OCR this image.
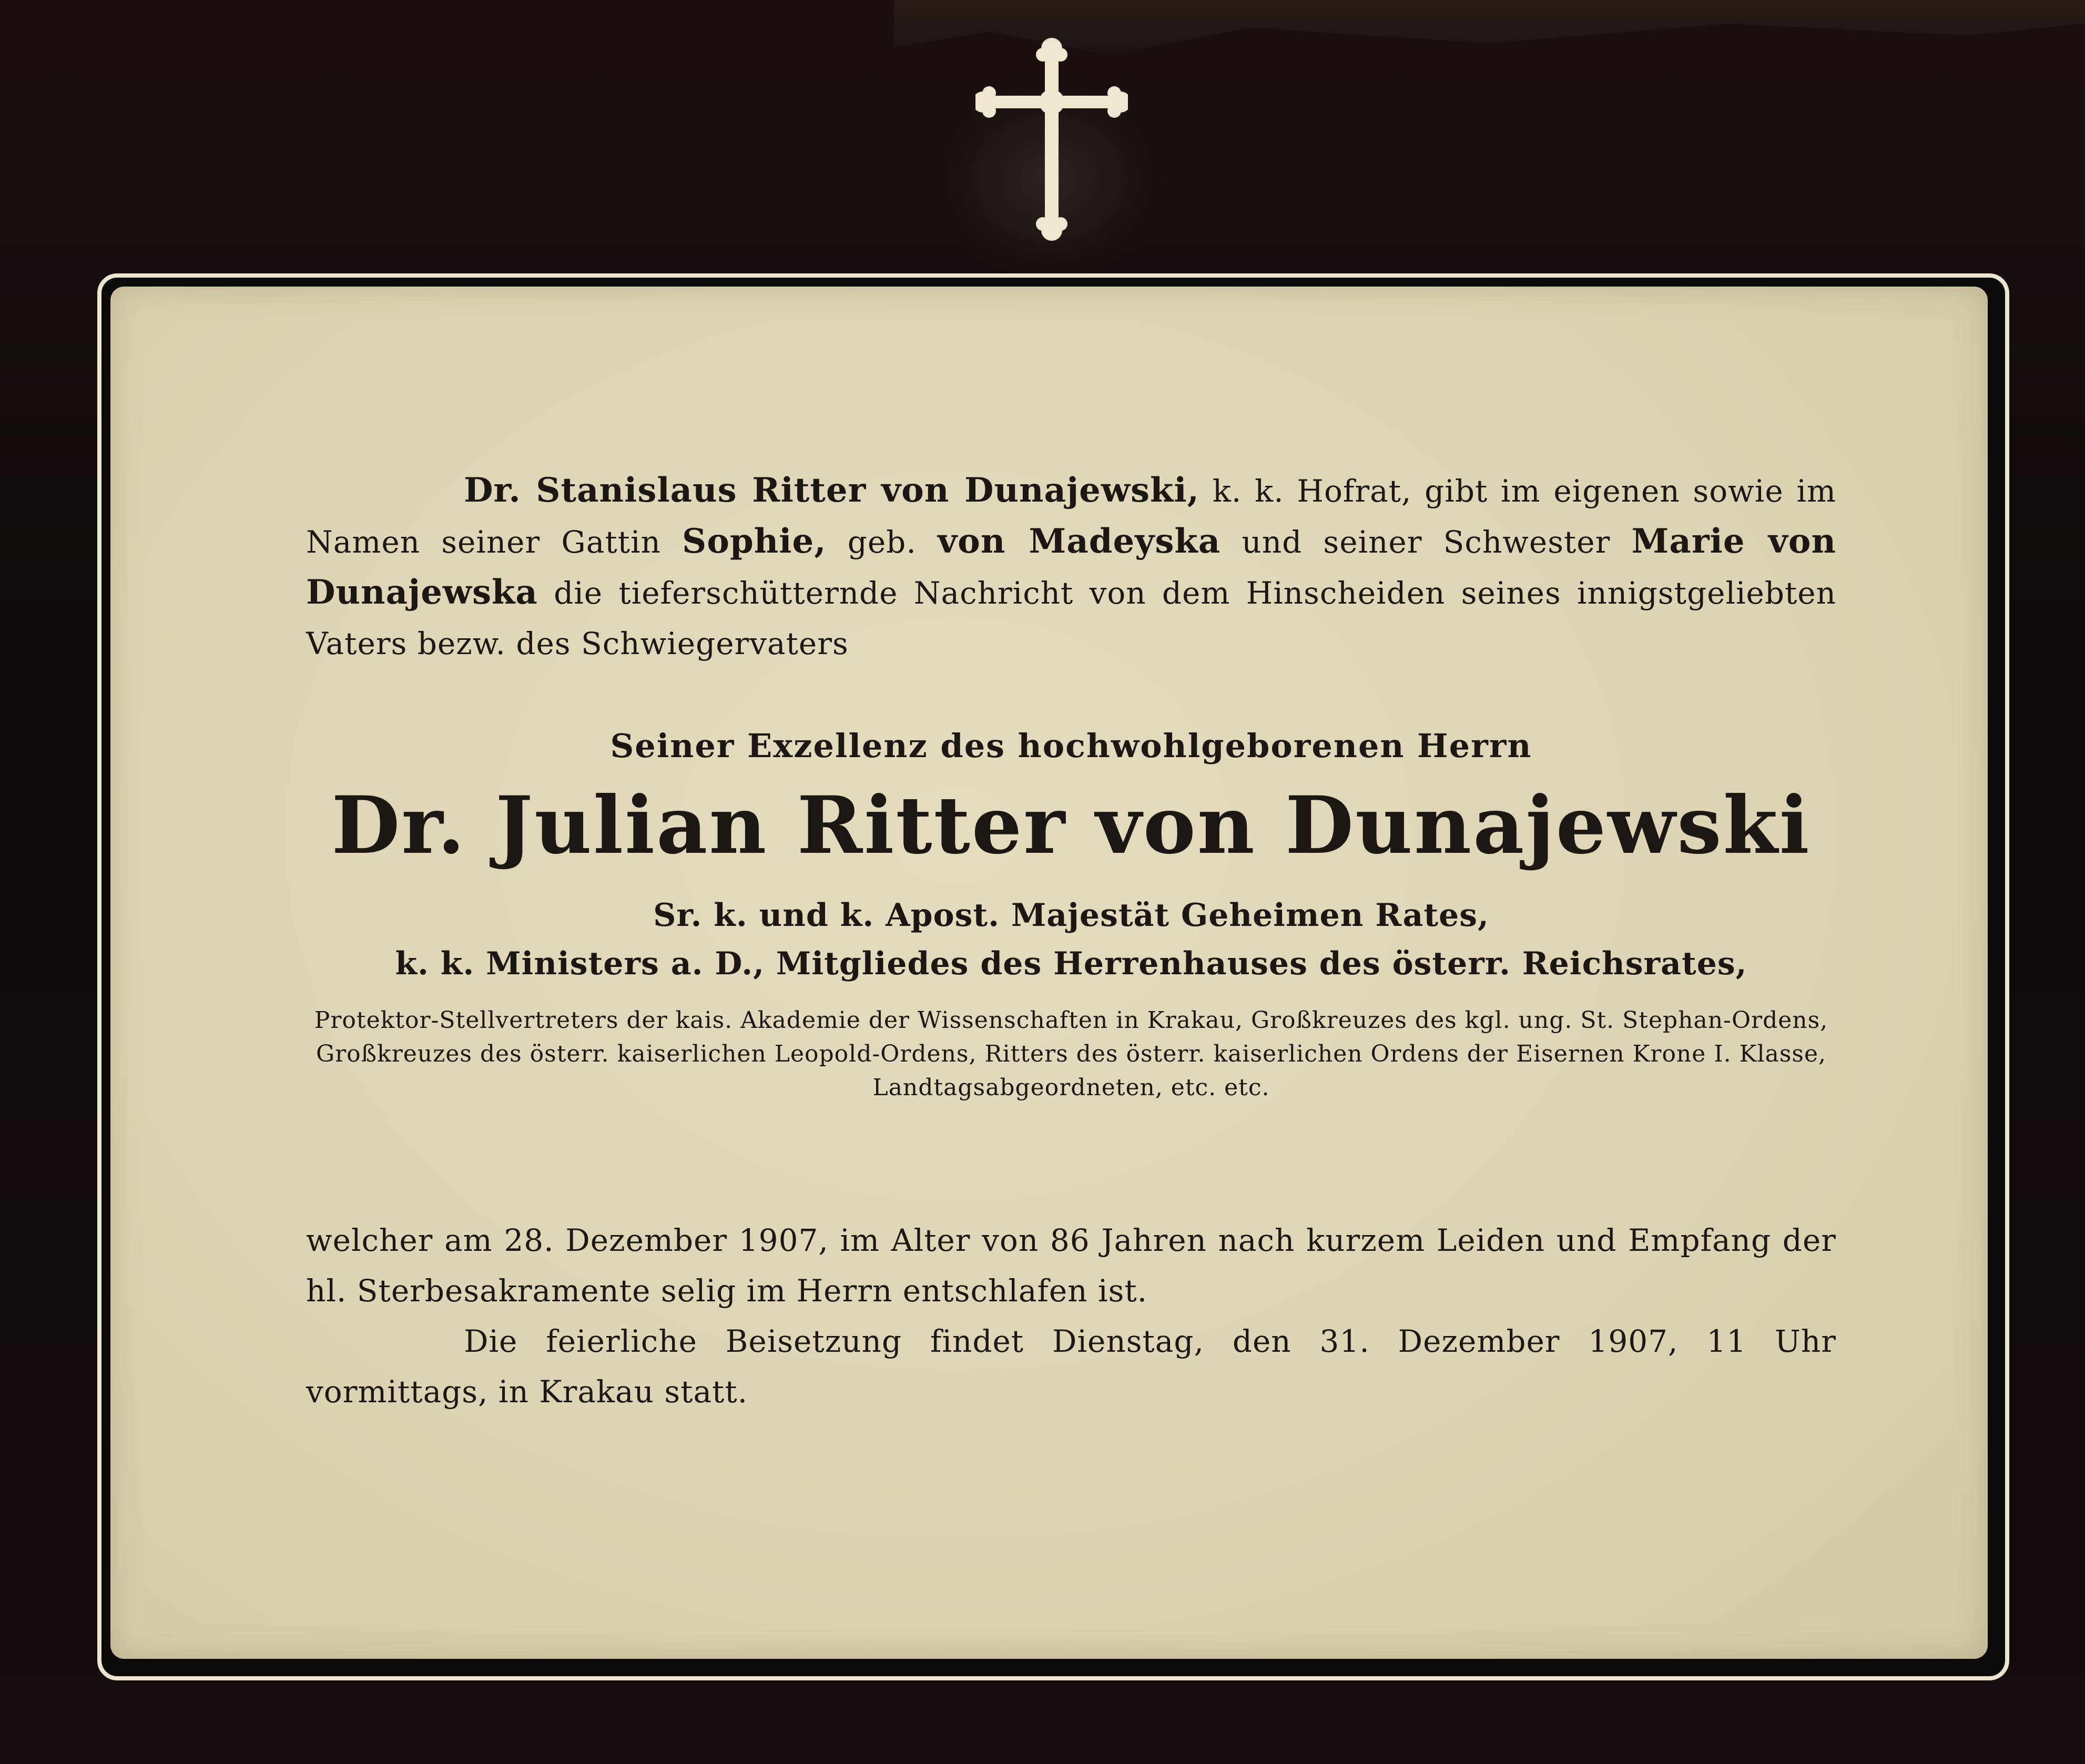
Dr. Stanislaus Ritter von Dunajewski, k. k. Hofrat, gibt im eigenen sowie im Namen seiner Gattin Sophie, geb. von Madeyska und seiner Schwester Marie von Dunajewska die tieferschütternde Nachricht von dem Hinscheiden seines innigstgeliebten Vaters bezw. des Schwiegervaters

Seiner Exzellenz des hochwohlgeborenen Herrn
Dr. Julian Ritter von Dunajewski
Sr. k. und k. Apost. Majestät Geheimen Rates,
k. k. Ministers a. D., Mitgliedes des Herrenhauses des österr. Reichsrates,
Protektor-Stellvertreters der kais. Akademie der Wissenschaften in Krakau, Großkreuzes des kgl. ung. St. Stephan-Ordens, Großkreuzes des österr. kaiserlichen Leopold-Ordens, Ritters des österr. kaiserlichen Ordens der Eisernen Krone I. Klasse, Landtagsabgeordneten, etc. etc.

welcher am 28. Dezember 1907, im Alter von 86 Jahren nach kurzem Leiden und Empfang der hl. Sterbesakramente selig im Herrn entschlafen ist.

Die feierliche Beisetzung findet Dienstag, den 31. Dezember 1907, 11 Uhr vormittags, in Krakau statt.
